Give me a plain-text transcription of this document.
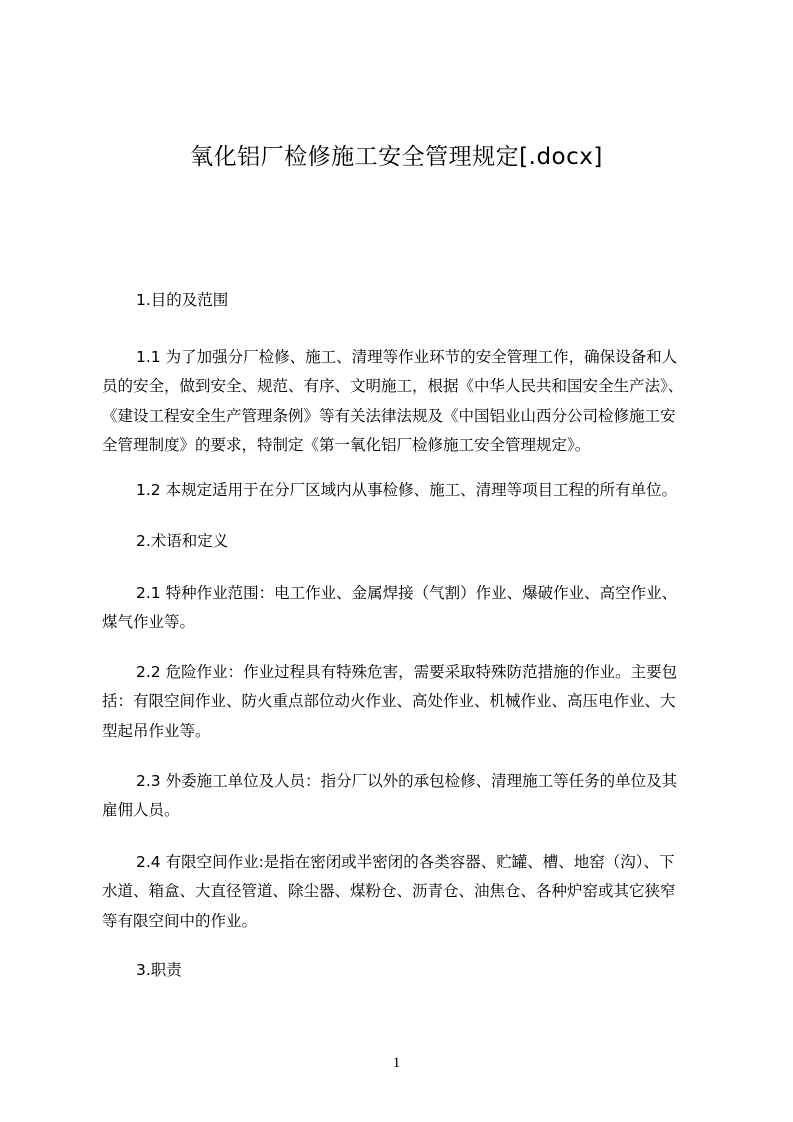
氧化铝厂检修施工安全管理规定[.docx]
1.目的及范围
1.1 为了加强分厂检修、施工、清理等作业环节的安全管理工作，确保设备和人
员的安全，做到安全、规范、有序、文明施工，根据《中华人民共和国安全生产法》、
《建设工程安全生产管理条例》等有关法律法规及《中国铝业山西分公司检修施工安
全管理制度》的要求，特制定《第一氧化铝厂检修施工安全管理规定》。
1.2 本规定适用于在分厂区域内从事检修、施工、清理等项目工程的所有单位。
2.术语和定义
2.1 特种作业范围：电工作业、金属焊接（气割）作业、爆破作业、高空作业、
煤气作业等。
2.2 危险作业：作业过程具有特殊危害，需要采取特殊防范措施的作业。主要包
括：有限空间作业、防火重点部位动火作业、高处作业、机械作业、高压电作业、大
型起吊作业等。
2.3 外委施工单位及人员：指分厂以外的承包检修、清理施工等任务的单位及其
雇佣人员。
2.4 有限空间作业:是指在密闭或半密闭的各类容器、贮罐、槽、地窑（沟）、下
水道、箱盒、大直径管道、除尘器、煤粉仓、沥青仓、油焦仓、各种炉窑或其它狭窄
等有限空间中的作业。
3.职责
1
